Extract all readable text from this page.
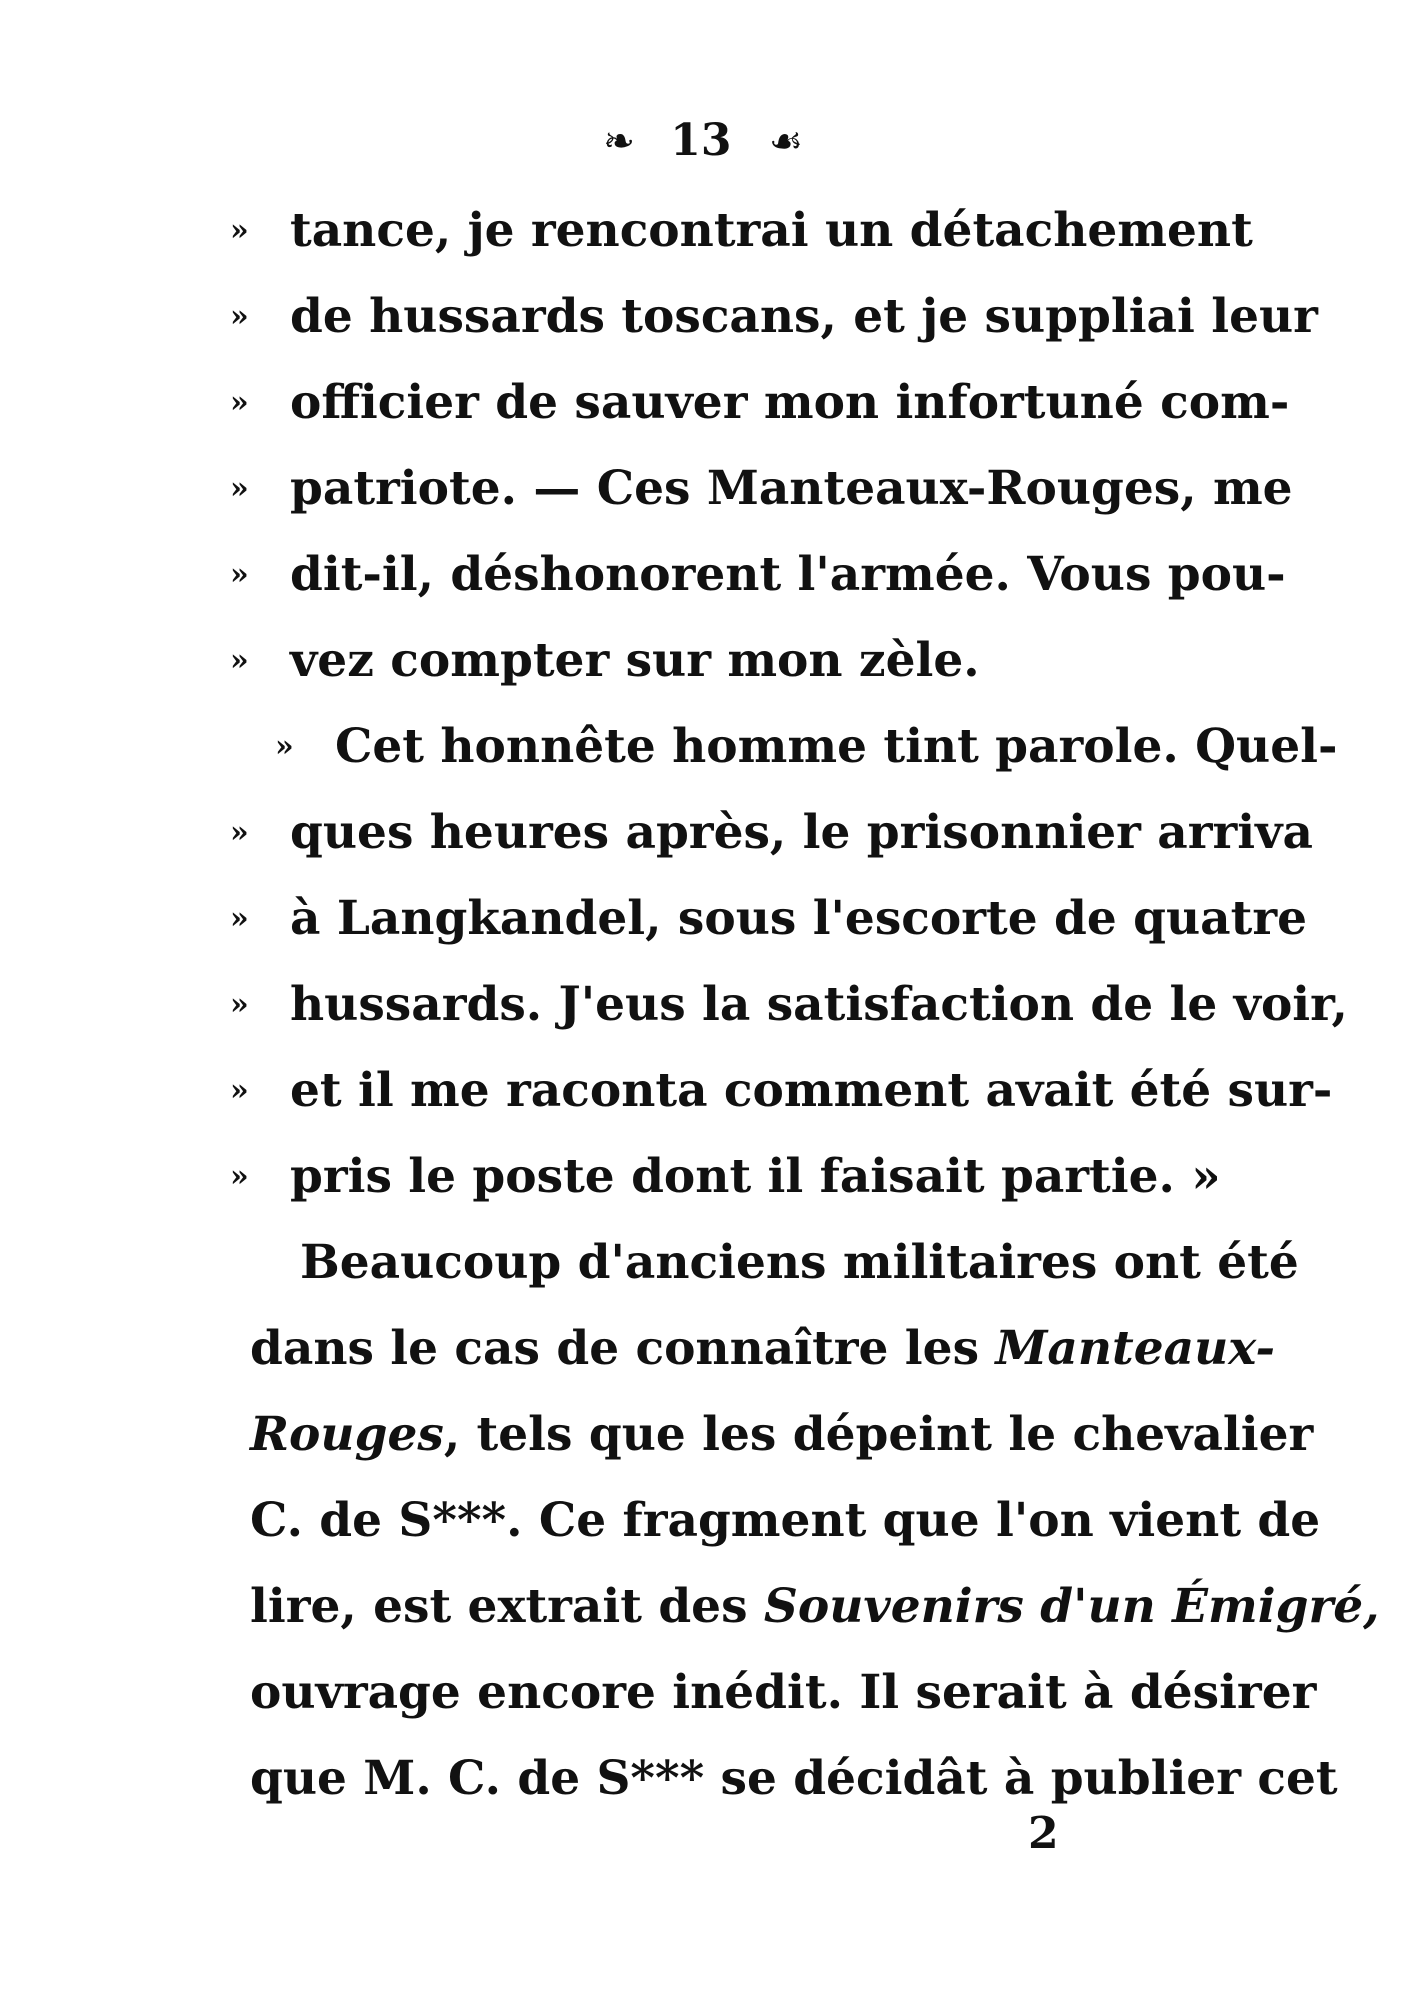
❧ 13 ☙
» tance, je rencontrai un détachement
» de hussards toscans, et je suppliai leur
» officier de sauver mon infortuné com-
» patriote. — Ces Manteaux-Rouges, me
» dit-il, déshonorent l'armée. Vous pou-
» vez compter sur mon zèle.
» Cet honnête homme tint parole. Quel-
» ques heures après, le prisonnier arriva
» à Langkandel, sous l'escorte de quatre
» hussards. J'eus la satisfaction de le voir,
» et il me raconta comment avait été sur-
» pris le poste dont il faisait partie. »
Beaucoup d'anciens militaires ont été
dans le cas de connaître les Manteaux-
Rouges, tels que les dépeint le chevalier
C. de S***. Ce fragment que l'on vient de
lire, est extrait des Souvenirs d'un Émigré,
ouvrage encore inédit. Il serait à désirer
que M. C. de S*** se décidât à publier cet
2
